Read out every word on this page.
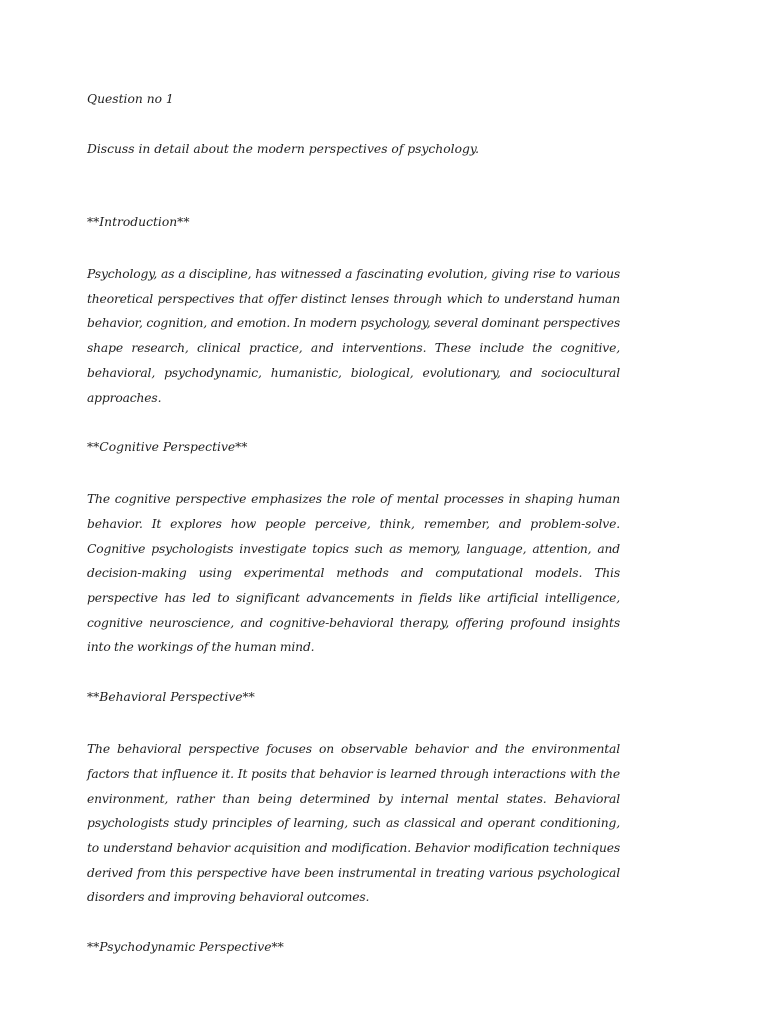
Question no 1

Discuss in detail about the modern perspectives of psychology.

**Introduction**

Psychology, as a discipline, has witnessed a fascinating evolution, giving rise to various theoretical perspectives that offer distinct lenses through which to understand human behavior, cognition, and emotion. In modern psychology, several dominant perspectives shape research, clinical practice, and interventions. These include the cognitive, behavioral, psychodynamic, humanistic, biological, evolutionary, and sociocultural approaches.

**Cognitive Perspective**

The cognitive perspective emphasizes the role of mental processes in shaping human behavior. It explores how people perceive, think, remember, and problem-solve. Cognitive psychologists investigate topics such as memory, language, attention, and decision-making using experimental methods and computational models. This perspective has led to significant advancements in fields like artificial intelligence, cognitive neuroscience, and cognitive-behavioral therapy, offering profound insights into the workings of the human mind.

**Behavioral Perspective**

The behavioral perspective focuses on observable behavior and the environmental factors that influence it. It posits that behavior is learned through interactions with the environment, rather than being determined by internal mental states. Behavioral psychologists study principles of learning, such as classical and operant conditioning, to understand behavior acquisition and modification. Behavior modification techniques derived from this perspective have been instrumental in treating various psychological disorders and improving behavioral outcomes.

**Psychodynamic Perspective**
